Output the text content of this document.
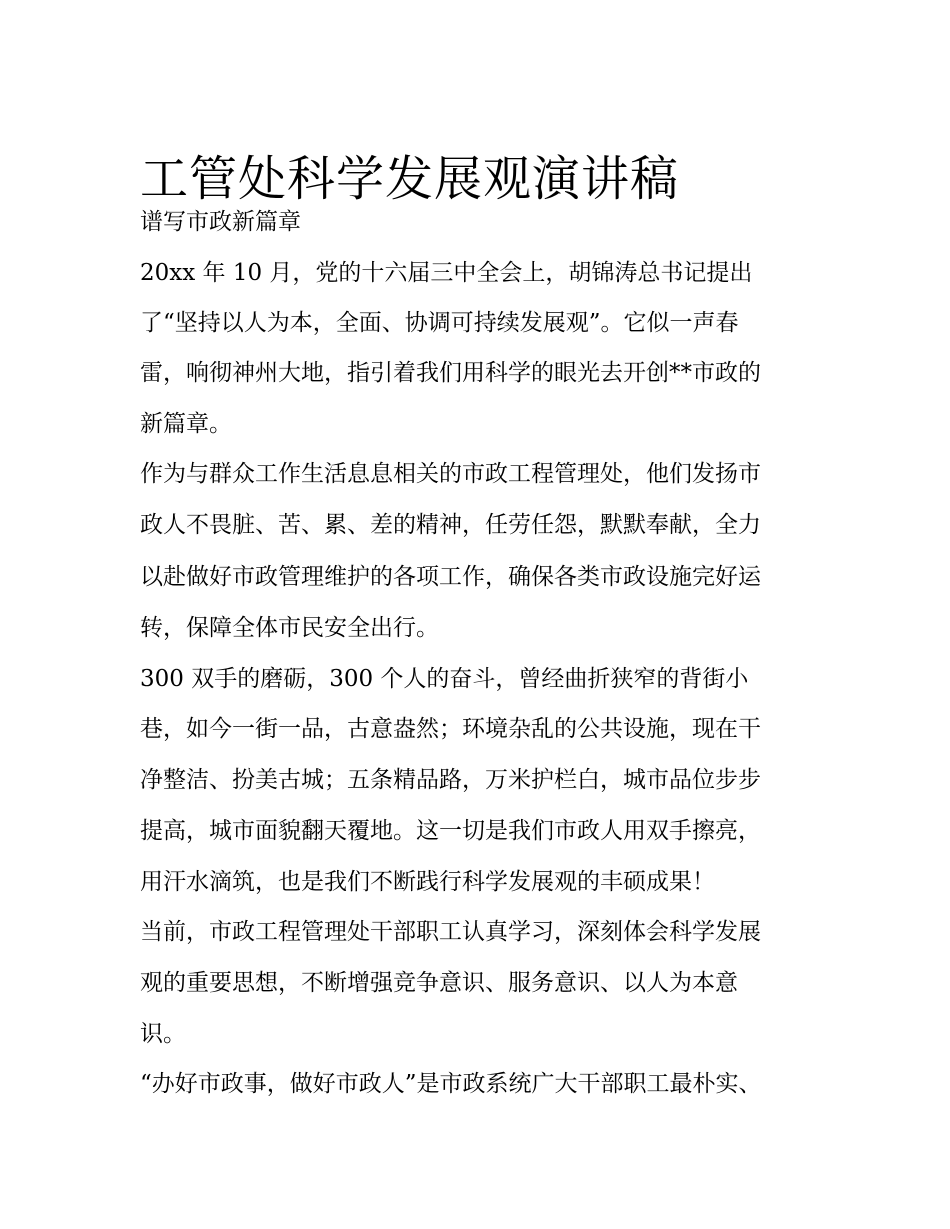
工管处科学发展观演讲稿
谱写市政新篇章
20xx 年 10 月，党的十六届三中全会上，胡锦涛总书记提出
了“坚持以人为本，全面、协调可持续发展观”。它似一声春
雷，响彻神州大地，指引着我们用科学的眼光去开创**市政的
新篇章。
作为与群众工作生活息息相关的市政工程管理处，他们发扬市
政人不畏脏、苦、累、差的精神，任劳任怨，默默奉献，全力
以赴做好市政管理维护的各项工作，确保各类市政设施完好运
转，保障全体市民安全出行。
300 双手的磨砺，300 个人的奋斗，曾经曲折狭窄的背街小
巷，如今一街一品，古意盎然；环境杂乱的公共设施，现在干
净整洁、扮美古城；五条精品路，万米护栏白，城市品位步步
提高，城市面貌翻天覆地。这一切是我们市政人用双手擦亮，
用汗水滴筑，也是我们不断践行科学发展观的丰硕成果！
当前，市政工程管理处干部职工认真学习，深刻体会科学发展
观的重要思想，不断增强竞争意识、服务意识、以人为本意
识。
“办好市政事，做好市政人”是市政系统广大干部职工最朴实、
